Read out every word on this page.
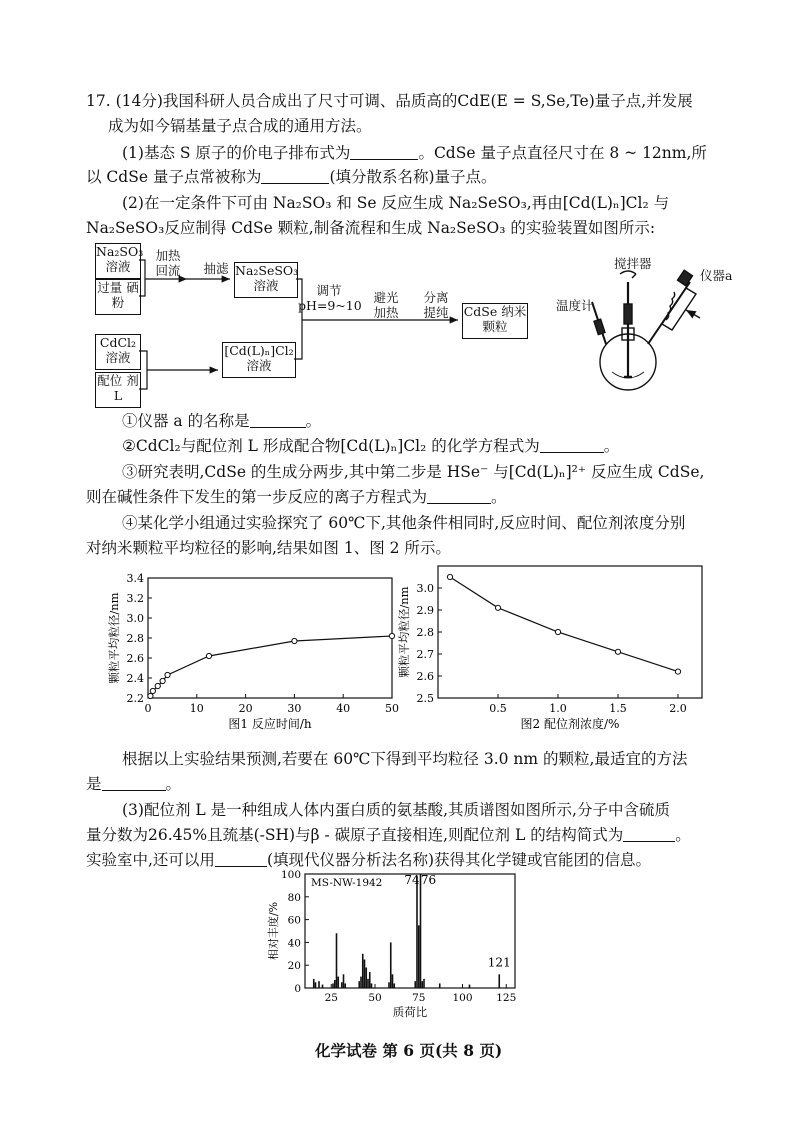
17. (14分)我国科研人员合成出了尺寸可调、品质高的CdE(E = S,Se,Te)量子点,并发展
成为如今镉基量子点合成的通用方法。
(1)基态 S 原子的价电子排布式为	。CdSe 量子点直径尺寸在 8 ~ 12nm,所
以 CdSe 量子点常被称为	(填分散系名称)量子点。
(2)在一定条件下可由 Na₂SO₃ 和 Se 反应生成 Na₂SeSO₃,再由[Cd(L)ₙ]Cl₂ 与
Na₂SeSO₃反应制得 CdSe 颗粒,制备流程和生成 Na₂SeSO₃ 的实验装置如图所示:
Na₂SO₃ 溶液
过量 硒粉
加热 回流	抽滤 Na₂SeSO₃ 溶液	调节 pH=9~10
避光 加热
分离 提纯	CdSe 纳米颗粒
CdCl₂ 溶液
配位 剂L
[Cd(L)ₙ]Cl₂ 溶液
搅拌器
仪器a
温度计
①仪器 a 的名称是	。
②CdCl₂与配位剂 L 形成配合物[Cd(L)ₙ]Cl₂ 的化学方程式为	。
③研究表明,CdSe 的生成分两步,其中第二步是 HSe⁻ 与[Cd(L)ₙ]²⁺ 反应生成 CdSe,
则在碱性条件下发生的第一步反应的离子方程式为	。
④某化学小组通过实验探究了 60℃下,其他条件相同时,反应时间、配位剂浓度分别
对纳米颗粒平均粒径的影响,结果如图 1、图 2 所示。
2.2
2.4
2.6
2.8
3.0
3.2
3.4
0	10	20	30	40	50
颗粒平均粒径/nm
图1 反应时间/h
2.5
2.6
2.7
2.8
2.9
3.0
0.5	1.0	1.5	2.0
颗粒平均粒径/nm
图2 配位剂浓度/%
根据以上实验结果预测,若要在 60℃下得到平均粒径 3.0 nm 的颗粒,最适宜的方法
是	。
(3)配位剂 L 是一种组成人体内蛋白质的氨基酸,其质谱图如图所示,分子中含硫质
量分数为26.45%且巯基(-SH)与β - 碳原子直接相连,则配位剂 L 的结构简式为	。
实验室中,还可以用	(填现代仪器分析法名称)获得其化学键或官能团的信息。
0
20
40
60
80
100
25	50	75	100 125
相对丰度/%
质荷比
MS-NW-1942 74 76
121
化学试卷 第 6 页(共 8 页)
